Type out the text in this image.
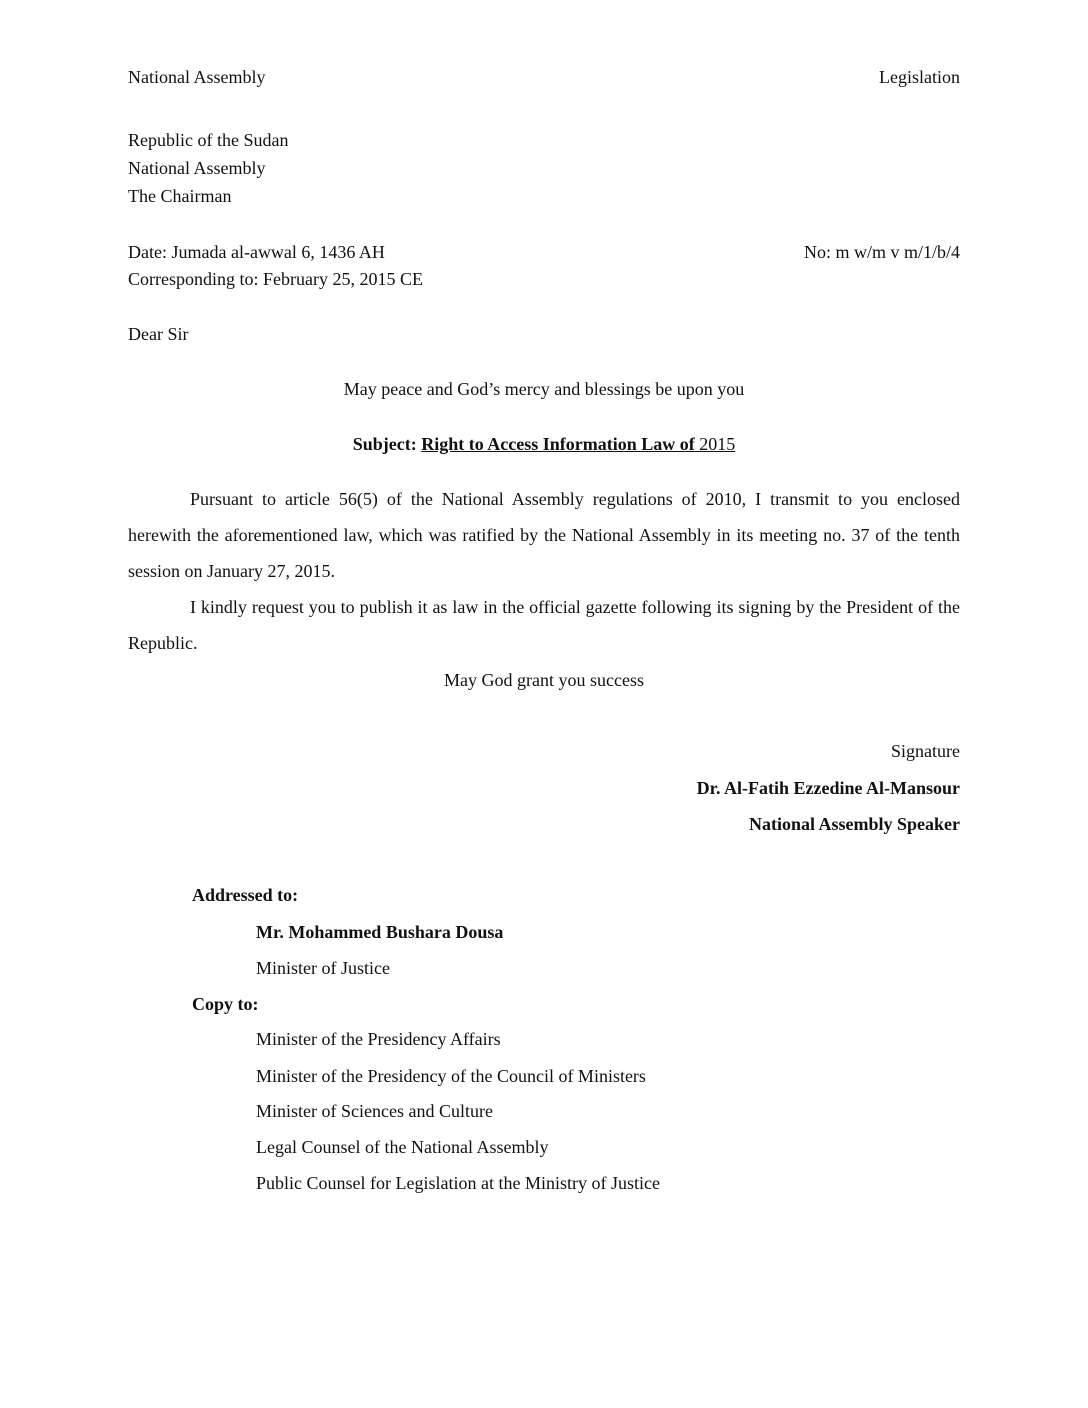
National Assembly	Legislation
Republic of the Sudan
National Assembly
The Chairman
Date: Jumada al-awwal 6, 1436 AH	No: m w/m v m/1/b/4
Corresponding to: February 25, 2015 CE
Dear Sir
May peace and God’s mercy and blessings be upon you
Subject: Right to Access Information Law of 2015

Pursuant to article 56(5) of the National Assembly regulations of 2010, I transmit to you enclosed herewith the aforementioned law, which was ratified by the National Assembly in its meeting no. 37 of the tenth session on January 27, 2015.

I kindly request you to publish it as law in the official gazette following its signing by the President of the Republic.

May God grant you success
Signature
Dr. Al-Fatih Ezzedine Al-Mansour
National Assembly Speaker
Addressed to:
Mr. Mohammed Bushara Dousa
Minister of Justice
Copy to:
Minister of the Presidency Affairs
Minister of the Presidency of the Council of Ministers
Minister of Sciences and Culture
Legal Counsel of the National Assembly
Public Counsel for Legislation at the Ministry of Justice
